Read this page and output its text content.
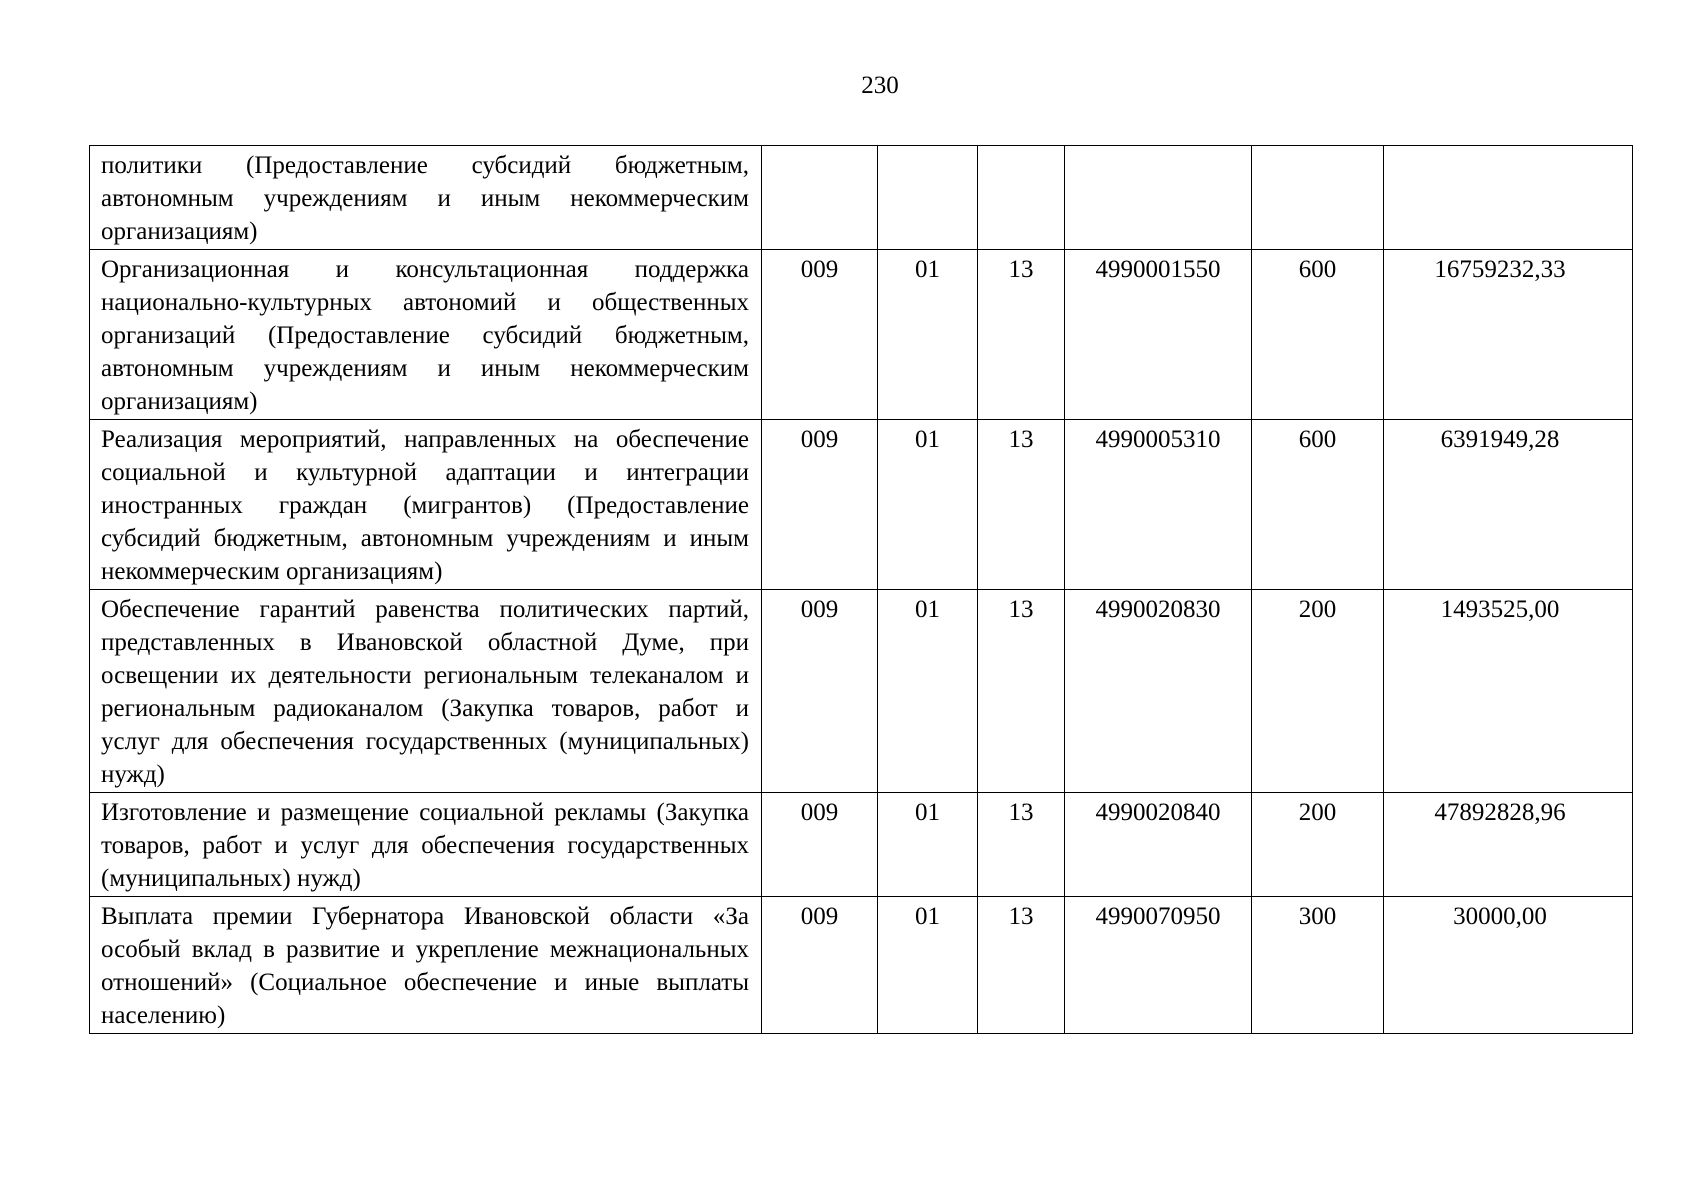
230
политики (Предоставление субсидий бюджетным, автономным учреждениям и иным некоммерческим организациям)						
Организационная и консультационная поддержка национально-культурных автономий и общественных организаций (Предоставление субсидий бюджетным, автономным учреждениям и иным некоммерческим организациям)	009	01	13	4990001550	600	16759232,33
Реализация мероприятий, направленных на обеспечение социальной и культурной адаптации и интеграции иностранных граждан (мигрантов) (Предоставление субсидий бюджетным, автономным учреждениям и иным некоммерческим организациям)	009	01	13	4990005310	600	6391949,28
Обеспечение гарантий равенства политических партий, представленных в Ивановской областной Думе, при освещении их деятельности региональным телеканалом и региональным радиоканалом (Закупка товаров, работ и услуг для обеспечения государственных (муниципальных) нужд)	009	01	13	4990020830	200	1493525,00
Изготовление и размещение социальной рекламы (Закупка товаров, работ и услуг для обеспечения государственных (муниципальных) нужд)	009	01	13	4990020840	200	47892828,96
Выплата премии Губернатора Ивановской области «За особый вклад в развитие и укрепление межнациональных отношений» (Социальное обеспечение и иные выплаты населению)	009	01	13	4990070950	300	30000,00
